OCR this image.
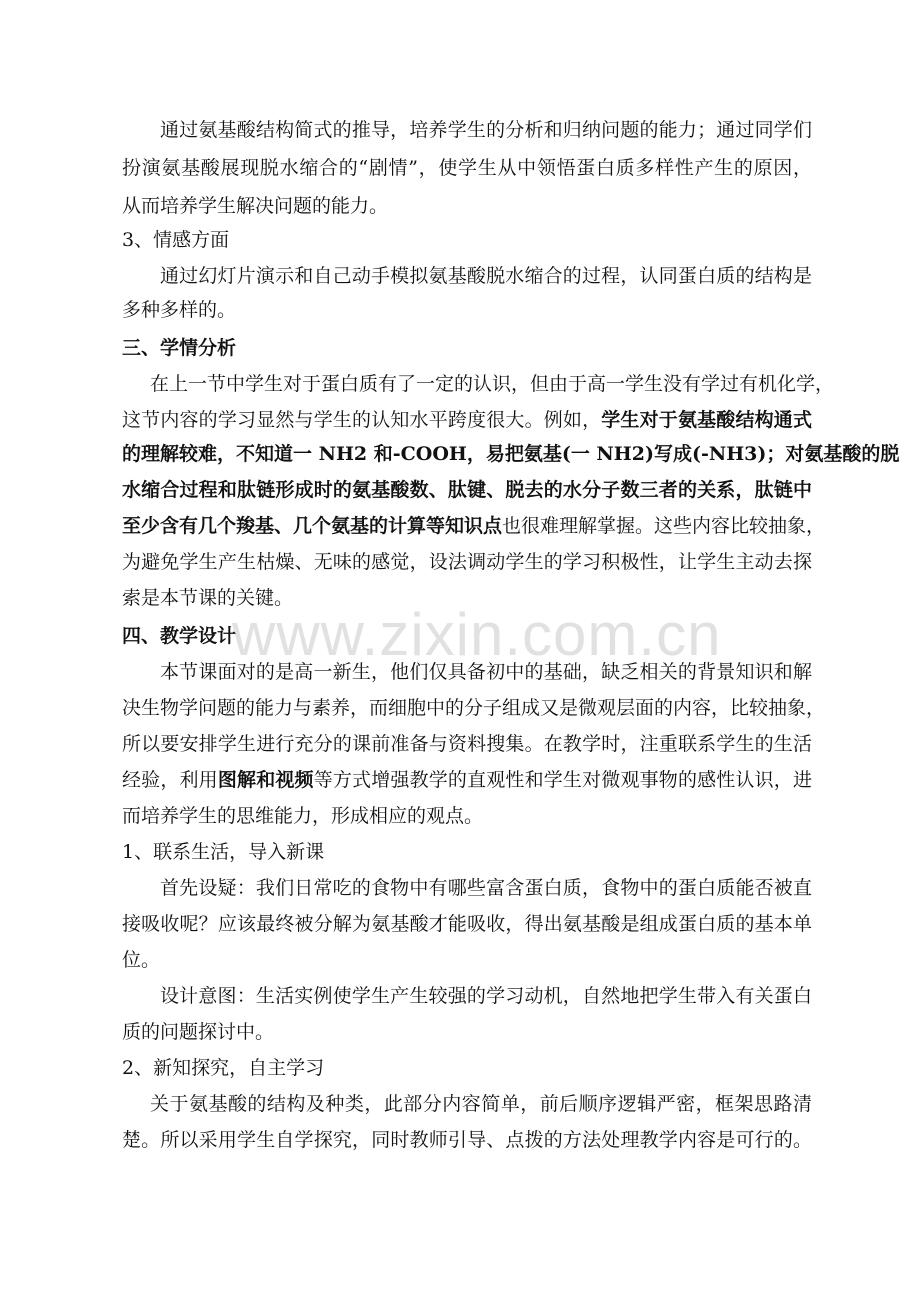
www.zixin.com.cn
通过氨基酸结构简式的推导，培养学生的分析和归纳问题的能力；通过同学们
扮演氨基酸展现脱水缩合的“剧情”，使学生从中领悟蛋白质多样性产生的原因，
从而培养学生解决问题的能力。
3、情感方面
通过幻灯片演示和自己动手模拟氨基酸脱水缩合的过程，认同蛋白质的结构是
多种多样的。
三、学情分析
在上一节中学生对于蛋白质有了一定的认识，但由于高一学生没有学过有机化学，
这节内容的学习显然与学生的认知水平跨度很大。例如，学生对于氨基酸结构通式
的理解较难，不知道一 NH2 和-COOH，易把氨基(一 NH2)写成(-NH3)；对氨基酸的脱
水缩合过程和肽链形成时的氨基酸数、肽键、脱去的水分子数三者的关系，肽链中
至少含有几个羧基、几个氨基的计算等知识点也很难理解掌握。这些内容比较抽象，
为避免学生产生枯燥、无味的感觉，设法调动学生的学习积极性，让学生主动去探
索是本节课的关键。
四、教学设计
本节课面对的是高一新生，他们仅具备初中的基础，缺乏相关的背景知识和解
决生物学问题的能力与素养，而细胞中的分子组成又是微观层面的内容，比较抽象，
所以要安排学生进行充分的课前准备与资料搜集。在教学时，注重联系学生的生活
经验，利用图解和视频等方式增强教学的直观性和学生对微观事物的感性认识，进
而培养学生的思维能力，形成相应的观点。
1、联系生活，导入新课
首先设疑：我们日常吃的食物中有哪些富含蛋白质，食物中的蛋白质能否被直
接吸收呢？应该最终被分解为氨基酸才能吸收，得出氨基酸是组成蛋白质的基本单
位。
设计意图：生活实例使学生产生较强的学习动机，自然地把学生带入有关蛋白
质的问题探讨中。
2、新知探究，自主学习
关于氨基酸的结构及种类，此部分内容简单，前后顺序逻辑严密，框架思路清
楚。所以采用学生自学探究，同时教师引导、点拨的方法处理教学内容是可行的。
